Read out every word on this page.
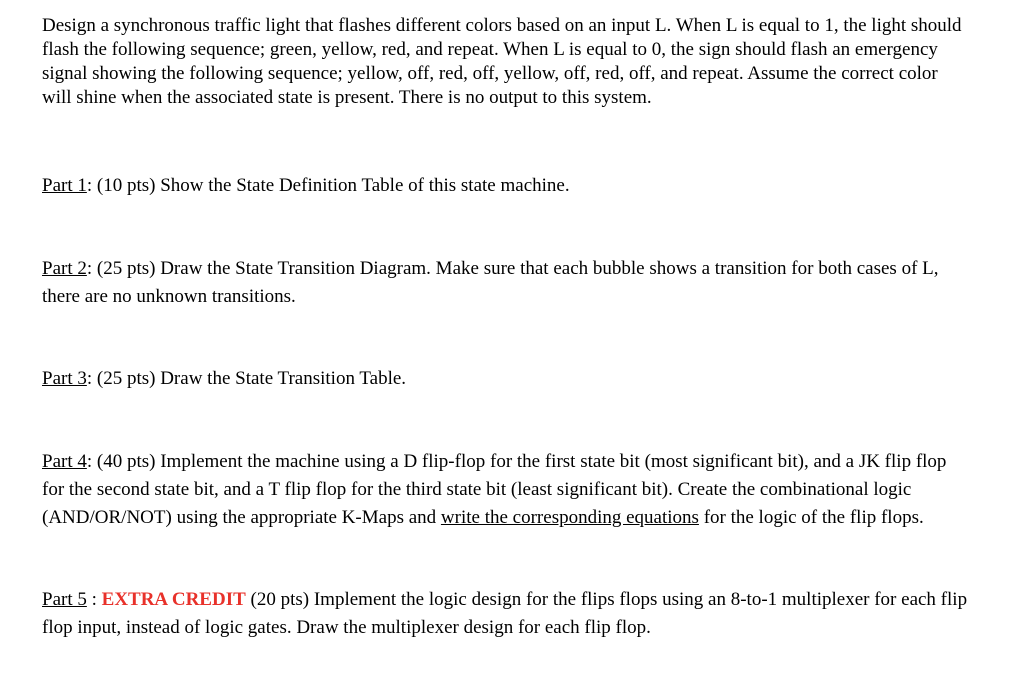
Design a synchronous traffic light that flashes different colors based on an input L. When L is equal to 1, the light should flash the following sequence; green, yellow, red, and repeat. When L is equal to 0, the sign should flash an emergency signal showing the following sequence; yellow, off, red, off, yellow, off, red, off, and repeat. Assume the correct color will shine when the associated state is present. There is no output to this system.

Part 1: (10 pts) Show the State Definition Table of this state machine.

Part 2: (25 pts) Draw the State Transition Diagram. Make sure that each bubble shows a transition for both cases of L, there are no unknown transitions.

Part 3: (25 pts) Draw the State Transition Table.

Part 4: (40 pts) Implement the machine using a D flip-flop for the first state bit (most significant bit), and a JK flip flop for the second state bit, and a T flip flop for the third state bit (least significant bit). Create the combinational logic (AND/OR/NOT) using the appropriate K-Maps and write the corresponding equations for the logic of the flip flops.

Part 5 : EXTRA CREDIT (20 pts) Implement the logic design for the flips flops using an 8-to-1 multiplexer for each flip flop input, instead of logic gates. Draw the multiplexer design for each flip flop.
